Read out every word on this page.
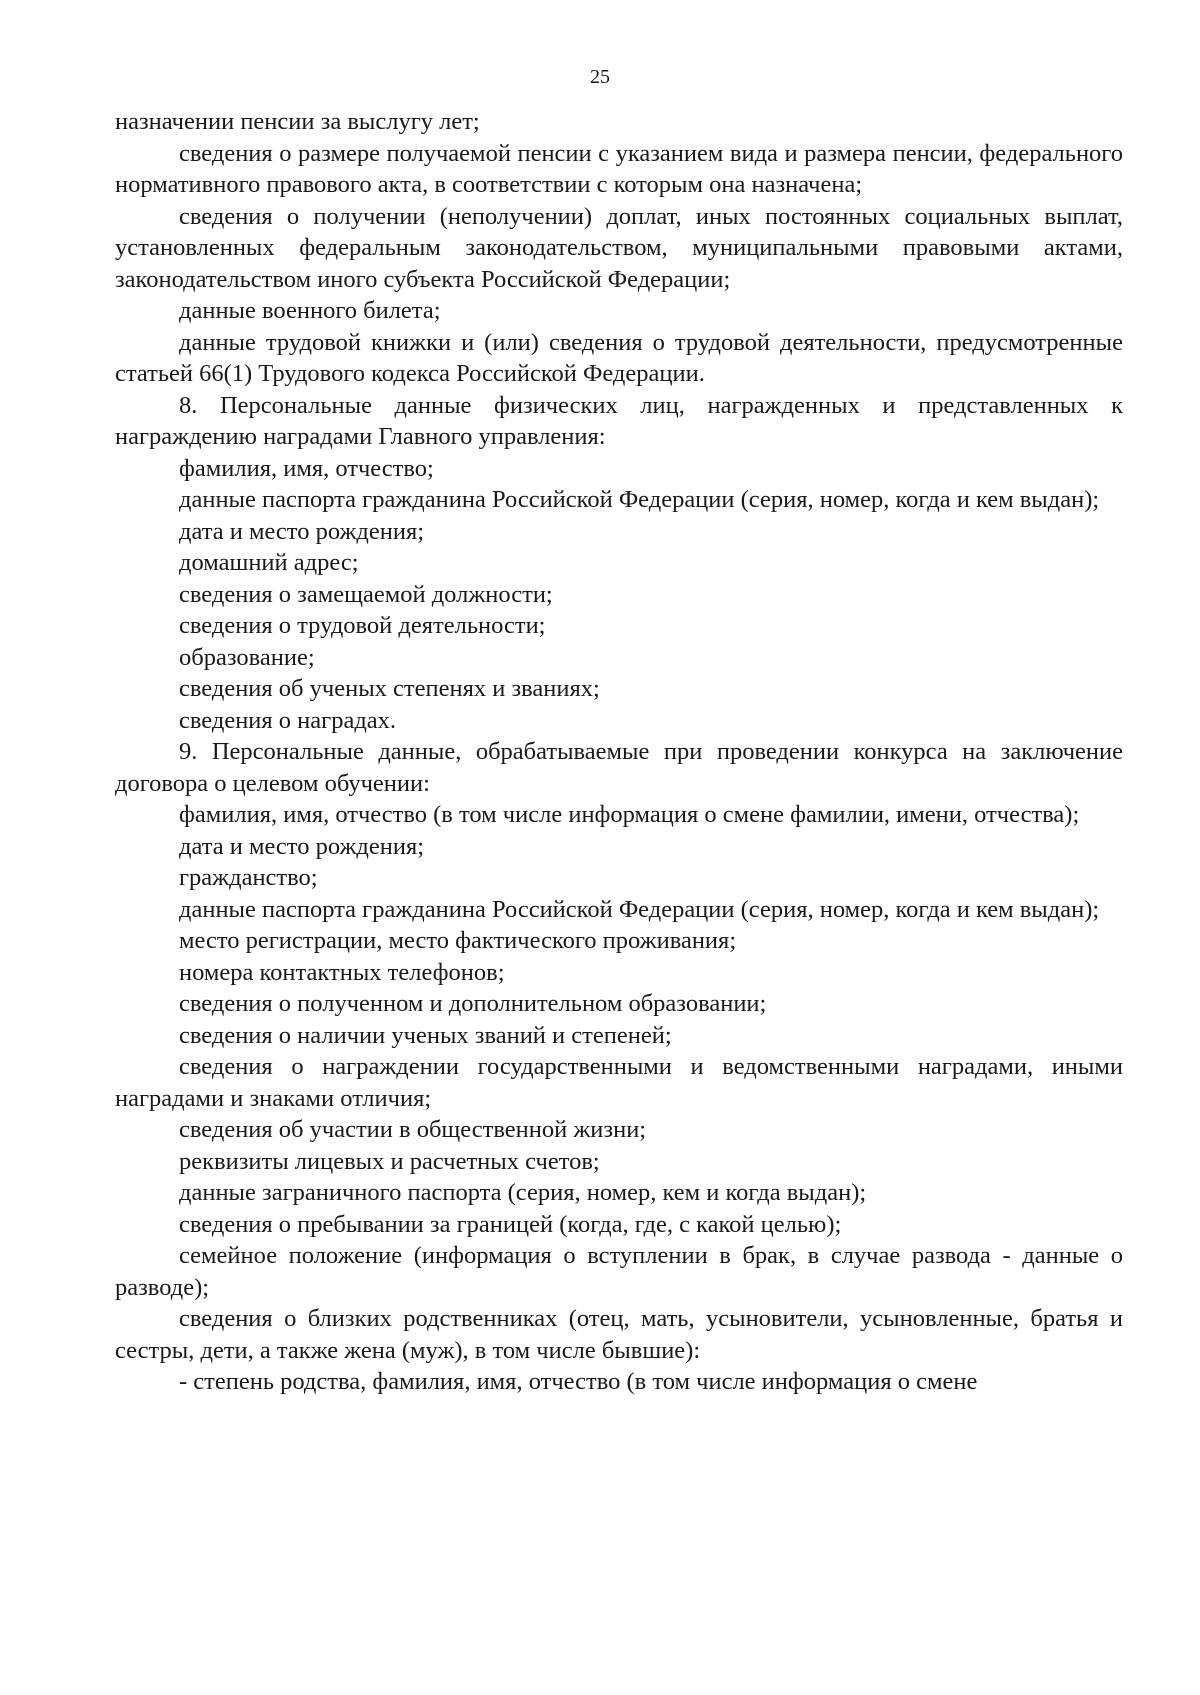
25

назначении пенсии за выслугу лет;

сведения о размере получаемой пенсии с указанием вида и размера пенсии, федерального нормативного правового акта, в соответствии с которым она назначена;

сведения о получении (неполучении) доплат, иных постоянных социальных выплат, установленных федеральным законодательством, муниципальными правовыми актами, законодательством иного субъекта Российской Федерации;

данные военного билета;

данные трудовой книжки и (или) сведения о трудовой деятельности, предусмотренные статьей 66(1) Трудового кодекса Российской Федерации.

8. Персональные данные физических лиц, награжденных и представленных к награждению наградами Главного управления:

фамилия, имя, отчество;

данные паспорта гражданина Российской Федерации (серия, номер, когда и кем выдан);

дата и место рождения;

домашний адрес;

сведения о замещаемой должности;

сведения о трудовой деятельности;

образование;

сведения об ученых степенях и званиях;

сведения о наградах.

9. Персональные данные, обрабатываемые при проведении конкурса на заключение договора о целевом обучении:

фамилия, имя, отчество (в том числе информация о смене фамилии, имени, отчества);

дата и место рождения;

гражданство;

данные паспорта гражданина Российской Федерации (серия, номер, когда и кем выдан);

место регистрации, место фактического проживания;

номера контактных телефонов;

сведения о полученном и дополнительном образовании;

сведения о наличии ученых званий и степеней;

сведения о награждении государственными и ведомственными наградами, иными наградами и знаками отличия;

сведения об участии в общественной жизни;

реквизиты лицевых и расчетных счетов;

данные заграничного паспорта (серия, номер, кем и когда выдан);

сведения о пребывании за границей (когда, где, с какой целью);

семейное положение (информация о вступлении в брак, в случае развода - данные о разводе);

сведения о близких родственниках (отец, мать, усыновители, усыновленные, братья и сестры, дети, а также жена (муж), в том числе бывшие):

- степень родства, фамилия, имя, отчество (в том числе информация о смене
